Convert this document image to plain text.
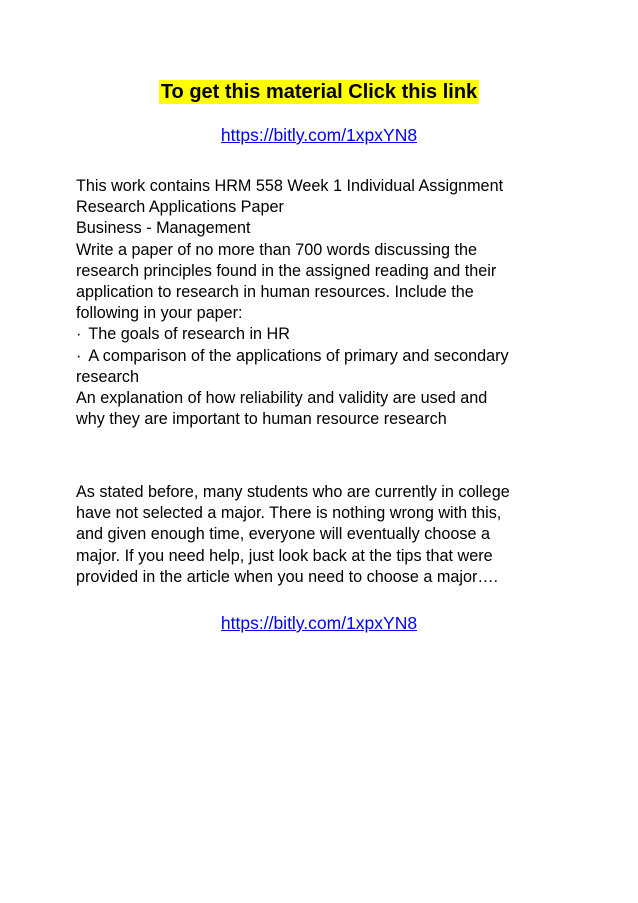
To get this material Click this link
https://bitly.com/1xpxYN8
This work contains HRM 558 Week 1 Individual Assignment
Research Applications Paper
Business - Management
Write a paper of no more than 700 words discussing the
research principles found in the assigned reading and their
application to research in human resources. Include the
following in your paper:
· The goals of research in HR
· A comparison of the applications of primary and secondary
research
An explanation of how reliability and validity are used and
why they are important to human resource research
As stated before, many students who are currently in college
have not selected a major. There is nothing wrong with this,
and given enough time, everyone will eventually choose a
major. If you need help, just look back at the tips that were
provided in the article when you need to choose a major….
https://bitly.com/1xpxYN8
